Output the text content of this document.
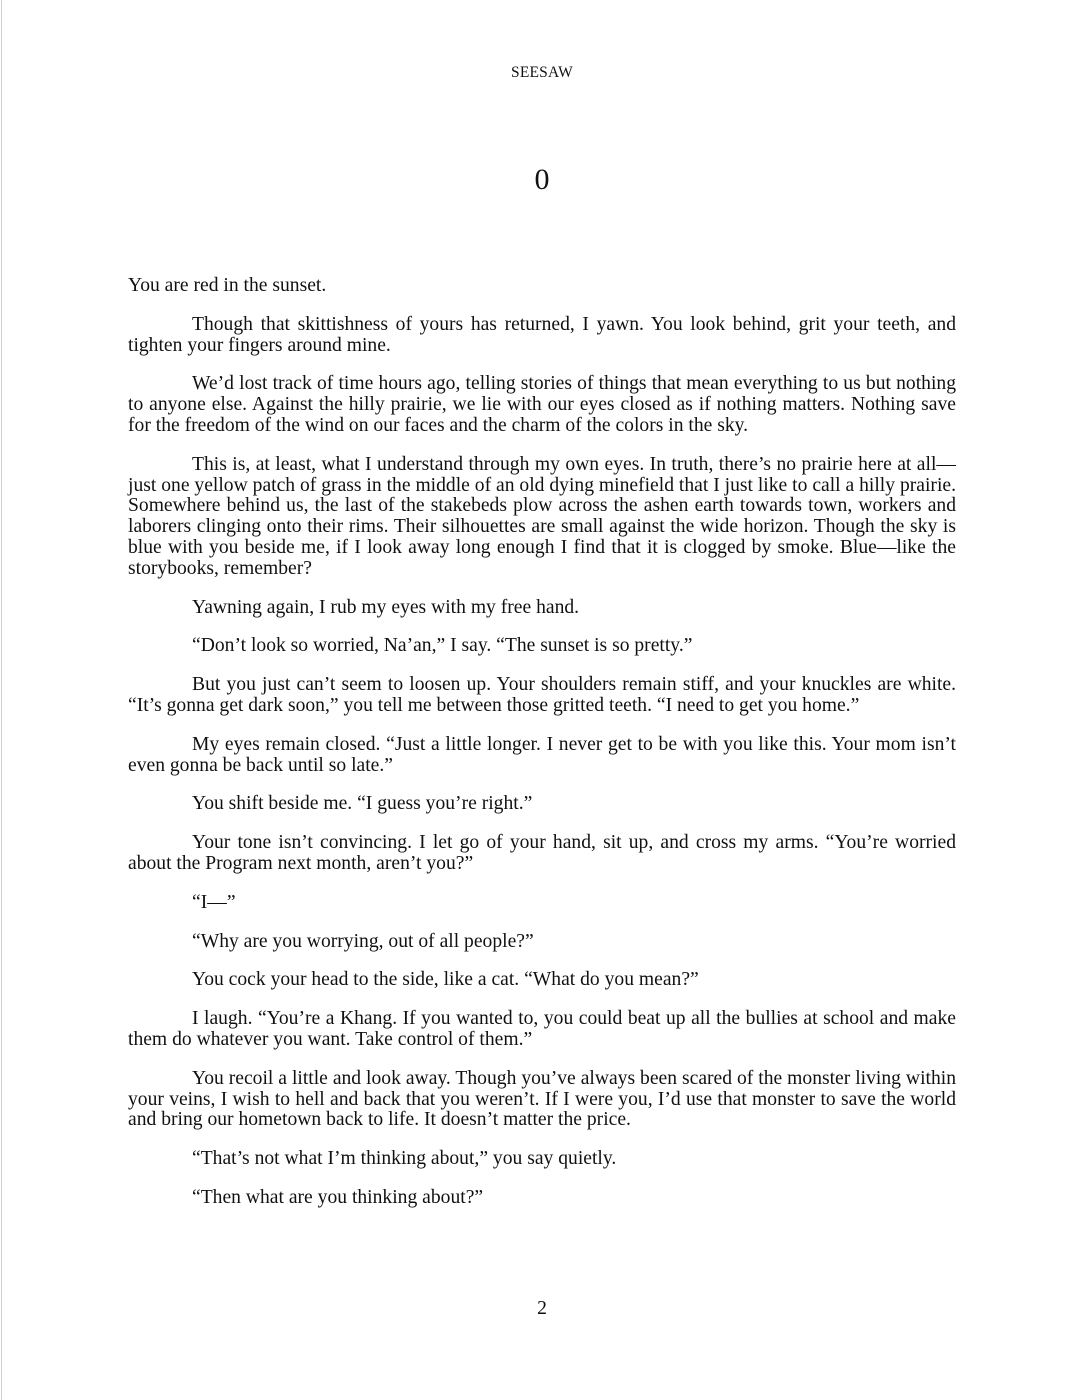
SEESAW
0

You are red in the sunset.

Though that skittishness of yours has returned, I yawn. You look behind, grit your teeth, and tighten your fingers around mine.

We’d lost track of time hours ago, telling stories of things that mean everything to us but nothing to anyone else. Against the hilly prairie, we lie with our eyes closed as if nothing matters. Nothing save for the freedom of the wind on our faces and the charm of the colors in the sky.

This is, at least, what I understand through my own eyes. In truth, there’s no prairie here at all—just one yellow patch of grass in the middle of an old dying minefield that I just like to call a hilly prairie. Somewhere behind us, the last of the stakebeds plow across the ashen earth towards town, workers and laborers clinging onto their rims. Their silhouettes are small against the wide horizon. Though the sky is blue with you beside me, if I look away long enough I find that it is clogged by smoke. Blue—like the storybooks, remember?

Yawning again, I rub my eyes with my free hand.

“Don’t look so worried, Na’an,” I say. “The sunset is so pretty.”

But you just can’t seem to loosen up. Your shoulders remain stiff, and your knuckles are white. “It’s gonna get dark soon,” you tell me between those gritted teeth. “I need to get you home.”

My eyes remain closed. “Just a little longer. I never get to be with you like this. Your mom isn’t even gonna be back until so late.”

You shift beside me. “I guess you’re right.”

Your tone isn’t convincing. I let go of your hand, sit up, and cross my arms. “You’re worried about the Program next month, aren’t you?”

“I—”

“Why are you worrying, out of all people?”

You cock your head to the side, like a cat. “What do you mean?”

I laugh. “You’re a Khang. If you wanted to, you could beat up all the bullies at school and make them do whatever you want. Take control of them.”

You recoil a little and look away. Though you’ve always been scared of the monster living within your veins, I wish to hell and back that you weren’t. If I were you, I’d use that monster to save the world and bring our hometown back to life. It doesn’t matter the price.

“That’s not what I’m thinking about,” you say quietly.

“Then what are you thinking about?”

2
